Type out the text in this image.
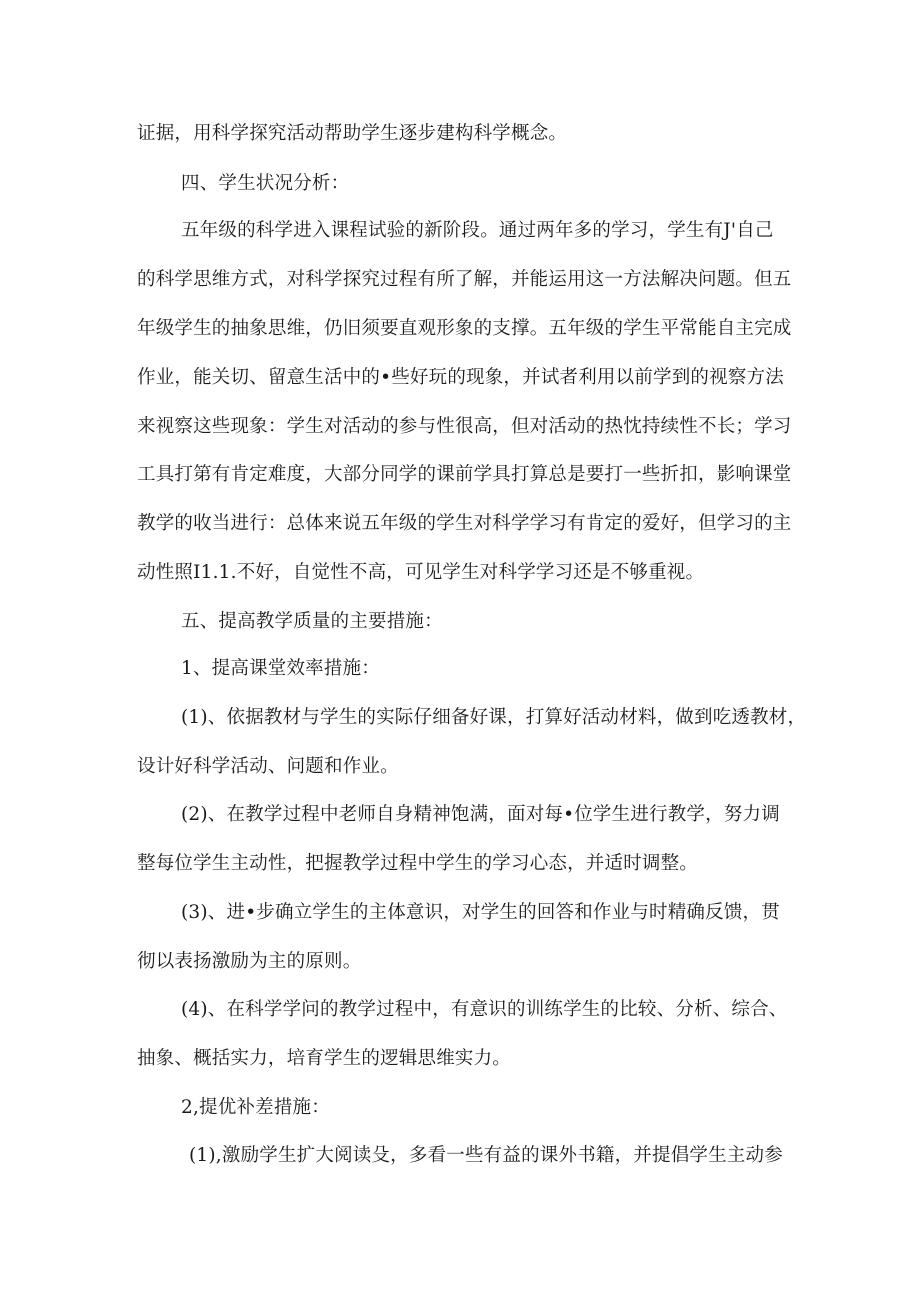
证据，用科学探究活动帮助学生逐步建构科学概念。
四、学生状况分析：
五年级的科学进入课程试验的新阶段。通过两年多的学习，学生有J'自己
的科学思维方式，对科学探究过程有所了解，并能运用这一方法解决问题。但五
年级学生的抽象思维，仍旧须要直观形象的支撑。五年级的学生平常能自主完成
作业，能关切、留意生活中的•些好玩的现象，并试者利用以前学到的视察方法
来视察这些现象：学生对活动的参与性很高，但对活动的热忱持续性不长；学习
工具打第有肯定难度，大部分同学的课前学具打算总是要打一些折扣，影响课堂
教学的收当进行：总体来说五年级的学生对科学学习有肯定的爱好，但学习的主
动性照I1.1.不好，自觉性不高，可见学生对科学学习还是不够重视。
五、提高教学质量的主要措施：
1、提高课堂效率措施：
(1)、依据教材与学生的实际仔细备好课，打算好活动材料，做到吃透教材，
设计好科学活动、问题和作业。
(2)、在教学过程中老师自身精神饱满，面对每•位学生进行教学，努力调
整每位学生主动性，把握教学过程中学生的学习心态，并适时调整。
(3)、进•步确立学生的主体意识，对学生的回答和作业与时精确反馈，贯
彻以表扬激励为主的原则。
(4)、在科学学问的教学过程中，有意识的训练学生的比较、分析、综合、
抽象、概括实力，培育学生的逻辑思维实力。
2,提优补差措施：
(1),激励学生扩大阅读殳，多看一些有益的课外书籍，并提倡学生主动参
